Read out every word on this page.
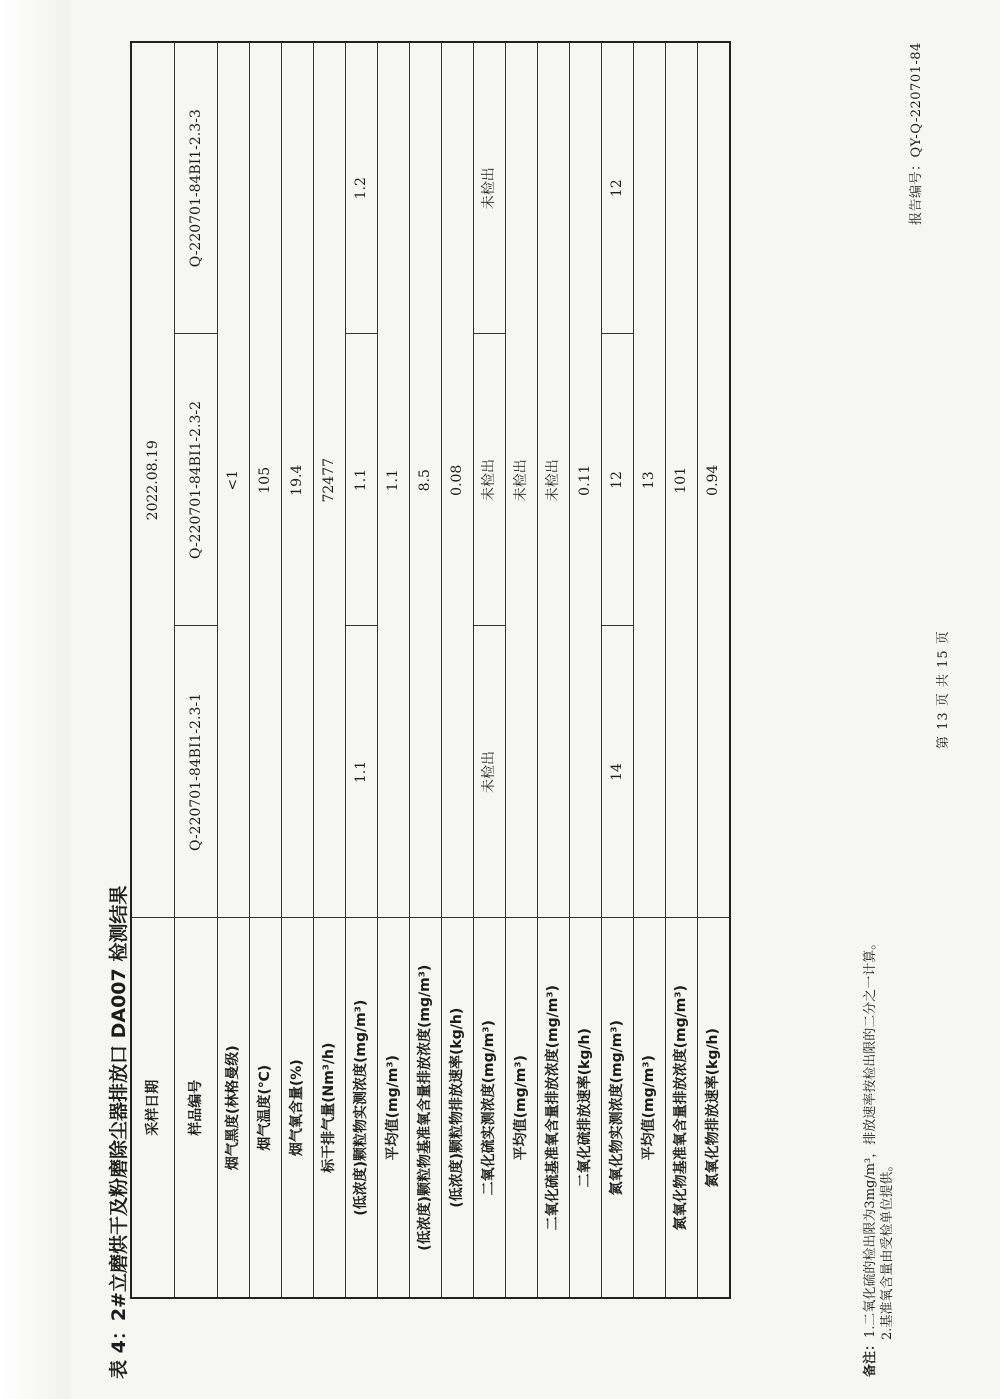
报告编号：QY-Q-220701-84
表 4：2#立磨烘干及粉磨除尘器排放口 DA007 检测结果 采样日期	2022.08.19		
样品编号	Q-220701-84BI1-2.3-1	Q-220701-84BI1-2.3-2	Q-220701-84BI1-2.3-3
烟气黑度(林格曼级)	<1		
烟气温度(℃)	105		
烟气氧含量(%)	19.4		
标干排气量(Nm³/h)	72477		
(低浓度)颗粒物实测浓度(mg/m³)	1.1	1.1	1.2
平均值(mg/m³)	1.1		
(低浓度)颗粒物基准氧含量排放浓度(mg/m³)	8.5		
(低浓度)颗粒物排放速率(kg/h)	0.08		
二氧化硫实测浓度(mg/m³)	未检出	未检出	未检出
平均值(mg/m³)	未检出		
二氧化硫基准氧含量排放浓度(mg/m³)	未检出		
二氧化硫排放速率(kg/h)	0.11		
氮氧化物实测浓度(mg/m³)	14	12	12
平均值(mg/m³)	13		
氮氧化物基准氧含量排放浓度(mg/m³)	101		
氮氧化物排放速率(kg/h)	0.94		
备注：1.二氧化硫的检出限为3mg/m³，排放速率按检出限的二分之一计算。 2.基准氧含量由受检单位提供。
第 13 页 共 15 页
